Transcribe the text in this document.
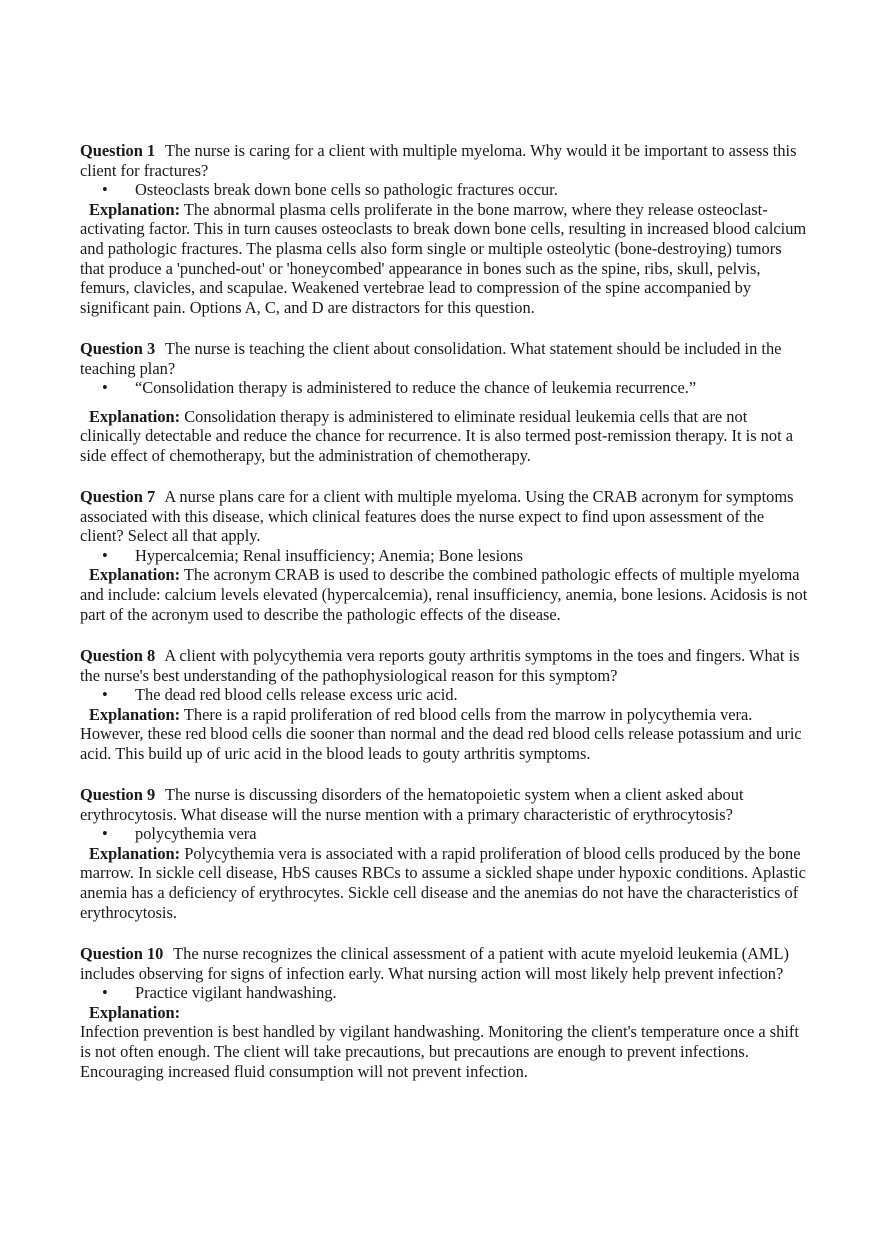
Question 1 The nurse is caring for a client with multiple myeloma. Why would it be important to assess this client for fractures?

• Osteoclasts break down bone cells so pathologic fractures occur.

Explanation: The abnormal plasma cells proliferate in the bone marrow, where they release osteoclast-activating factor. This in turn causes osteoclasts to break down bone cells, resulting in increased blood calcium and pathologic fractures. The plasma cells also form single or multiple osteolytic (bone-destroying) tumors that produce a 'punched-out' or 'honeycombed' appearance in bones such as the spine, ribs, skull, pelvis, femurs, clavicles, and scapulae. Weakened vertebrae lead to compression of the spine accompanied by significant pain. Options A, C, and D are distractors for this question.

Question 3 The nurse is teaching the client about consolidation. What statement should be included in the teaching plan?

• “Consolidation therapy is administered to reduce the chance of leukemia recurrence.”

Explanation: Consolidation therapy is administered to eliminate residual leukemia cells that are not clinically detectable and reduce the chance for recurrence. It is also termed post-remission therapy. It is not a side effect of chemotherapy, but the administration of chemotherapy.

Question 7 A nurse plans care for a client with multiple myeloma. Using the CRAB acronym for symptoms associated with this disease, which clinical features does the nurse expect to find upon assessment of the client? Select all that apply.

• Hypercalcemia; Renal insufficiency; Anemia; Bone lesions

Explanation: The acronym CRAB is used to describe the combined pathologic effects of multiple myeloma and include: calcium levels elevated (hypercalcemia), renal insufficiency, anemia, bone lesions. Acidosis is not part of the acronym used to describe the pathologic effects of the disease.

Question 8 A client with polycythemia vera reports gouty arthritis symptoms in the toes and fingers. What is the nurse's best understanding of the pathophysiological reason for this symptom?

• The dead red blood cells release excess uric acid.

Explanation: There is a rapid proliferation of red blood cells from the marrow in polycythemia vera. However, these red blood cells die sooner than normal and the dead red blood cells release potassium and uric acid. This build up of uric acid in the blood leads to gouty arthritis symptoms.

Question 9 The nurse is discussing disorders of the hematopoietic system when a client asked about erythrocytosis. What disease will the nurse mention with a primary characteristic of erythrocytosis?

• polycythemia vera

Explanation: Polycythemia vera is associated with a rapid proliferation of blood cells produced by the bone marrow. In sickle cell disease, HbS causes RBCs to assume a sickled shape under hypoxic conditions. Aplastic anemia has a deficiency of erythrocytes. Sickle cell disease and the anemias do not have the characteristics of erythrocytosis.

Question 10 The nurse recognizes the clinical assessment of a patient with acute myeloid leukemia (AML) includes observing for signs of infection early. What nursing action will most likely help prevent infection?

• Practice vigilant handwashing.

Explanation:

Infection prevention is best handled by vigilant handwashing. Monitoring the client's temperature once a shift is not often enough. The client will take precautions, but precautions are enough to prevent infections. Encouraging increased fluid consumption will not prevent infection.
